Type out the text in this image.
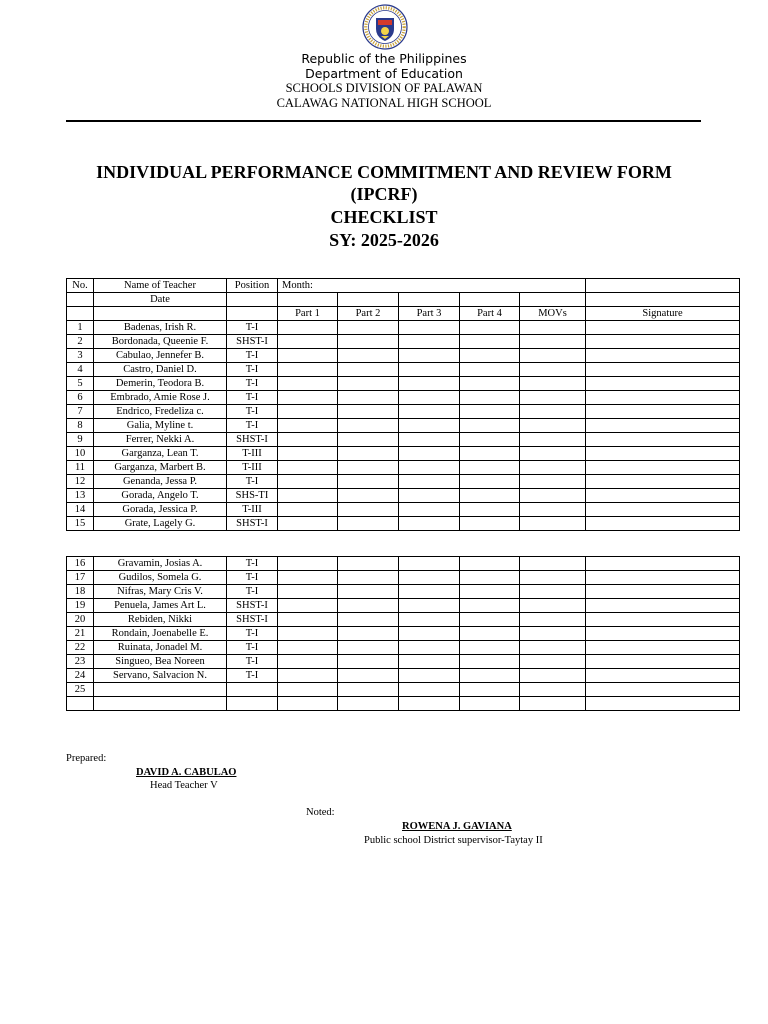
Republic of the Philippines
Department of Education
SCHOOLS DIVISION OF PALAWAN
CALAWAG NATIONAL HIGH SCHOOL
INDIVIDUAL PERFORMANCE COMMITMENT AND REVIEW FORM
(IPCRF)
CHECKLIST
SY: 2025-2026
No.	Name of Teacher	Position	Month:					
	Date							
			Part 1	Part 2	Part 3	Part 4	MOVs	Signature
1	Badenas, Irish R.	T-I						
2	Bordonada, Queenie F.	SHST-I						
3	Cabulao, Jennefer B.	T-I						
4	Castro, Daniel D.	T-I						
5	Demerin, Teodora B.	T-I						
6	Embrado, Amie Rose J.	T-I						
7	Endrico, Fredeliza c.	T-I						
8	Galia, Myline t.	T-I						
9	Ferrer, Nekki A.	SHST-I						
10	Garganza, Lean T.	T-III						
11	Garganza, Marbert B.	T-III						
12	Genanda, Jessa P.	T-I						
13	Gorada, Angelo T.	SHS-TI						
14	Gorada, Jessica P.	T-III						
15	Grate, Lagely G.	SHST-I						
16	Gravamin, Josias A.	T-I						
17	Gudilos, Somela G.	T-I						
18	Nifras, Mary Cris V.	T-I						
19	Penuela, James Art L.	SHST-I						
20	Rebiden, Nikki	SHST-I						
21	Rondain, Joenabelle E.	T-I						
22	Ruinata, Jonadel M.	T-I						
23	Singueo, Bea Noreen	T-I						
24	Servano, Salvacion N.	T-I						
25								

Prepared:
DAVID A. CABULAO
Head Teacher V
Noted:
ROWENA J. GAVIANA
Public school District supervisor-Taytay II
